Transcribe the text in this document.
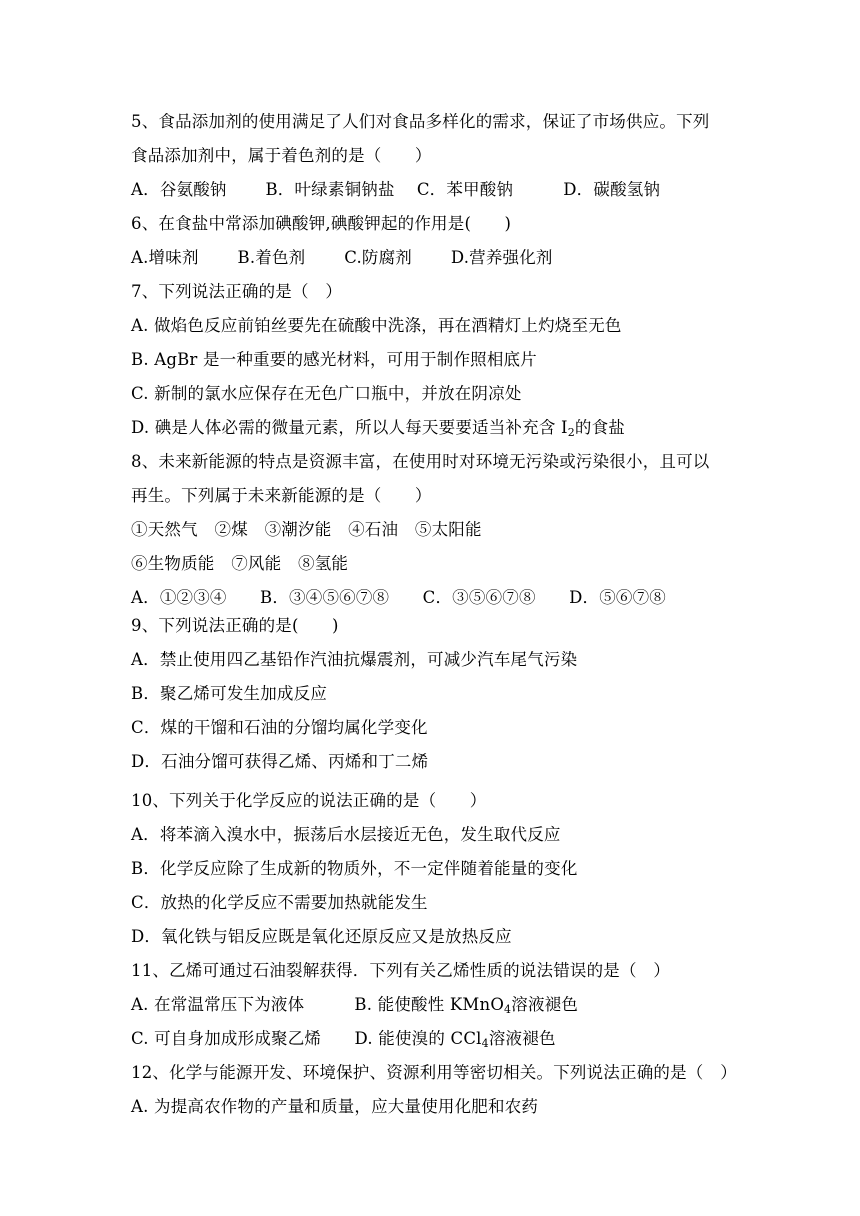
5、食品添加剂的使用满足了人们对食品多样化的需求，保证了市场供应。下列
食品添加剂中，属于着色剂的是（　　）
A．谷氨酸钠　　 B．叶绿素铜钠盐　 C．苯甲酸钠　　　D．碳酸氢钠
6、在食盐中常添加碘酸钾,碘酸钾起的作用是(　　)
A.增味剂　　 B.着色剂　　 C.防腐剂　　 D.营养强化剂
7、下列说法正确的是（　）
A. 做焰色反应前铂丝要先在硫酸中洗涤，再在酒精灯上灼烧至无色
B. AgBr 是一种重要的感光材料，可用于制作照相底片
C. 新制的氯水应保存在无色广口瓶中，并放在阴凉处
D. 碘是人体必需的微量元素，所以人每天要要适当补充含 $I_2$的食盐
8、未来新能源的特点是资源丰富，在使用时对环境无污染或污染很小，且可以
再生。下列属于未来新能源的是（　　）
①天然气　②煤　③潮汐能　④石油　⑤太阳能
⑥生物质能　⑦风能　⑧氢能
A．①②③④　　B．③④⑤⑥⑦⑧　　C．③⑤⑥⑦⑧　　D．⑤⑥⑦⑧
9、下列说法正确的是(　　)
A．禁止使用四乙基铅作汽油抗爆震剂，可减少汽车尾气污染
B．聚乙烯可发生加成反应
C．煤的干馏和石油的分馏均属化学变化
D．石油分馏可获得乙烯、丙烯和丁二烯
10、下列关于化学反应的说法正确的是（　　）
A．将苯滴入溴水中，振荡后水层接近无色，发生取代反应
B．化学反应除了生成新的物质外，不一定伴随着能量的变化
C．放热的化学反应不需要加热就能发生
D．氧化铁与铝反应既是氧化还原反应又是放热反应
11、乙烯可通过石油裂解获得．下列有关乙烯性质的说法错误的是（　）
A. 在常温常压下为液体　　　B. 能使酸性 KMnO$_4$溶液褪色
C. 可自身加成形成聚乙烯　　D. 能使溴的 CCl$_4$溶液褪色
12、化学与能源开发、环境保护、资源利用等密切相关。下列说法正确的是（　）
A. 为提高农作物的产量和质量，应大量使用化肥和农药
